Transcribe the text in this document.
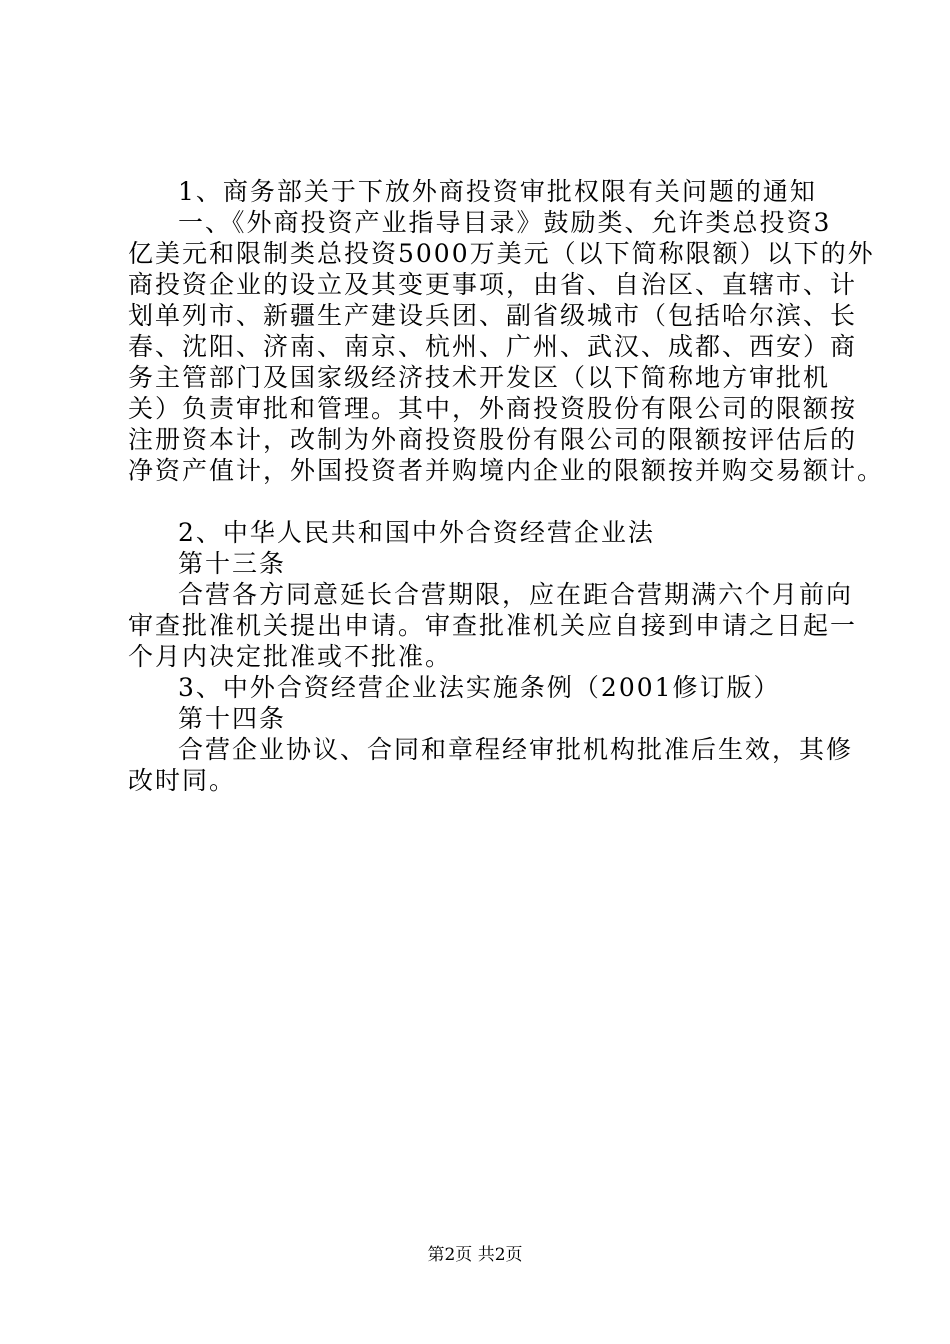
1、商务部关于下放外商投资审批权限有关问题的通知
一、《外商投资产业指导目录》鼓励类、允许类总投资3
亿美元和限制类总投资5000万美元（以下简称限额）以下的外
商投资企业的设立及其变更事项，由省、自治区、直辖市、计
划单列市、新疆生产建设兵团、副省级城市（包括哈尔滨、长
春、沈阳、济南、南京、杭州、广州、武汉、成都、西安）商
务主管部门及国家级经济技术开发区（以下简称地方审批机
关）负责审批和管理。其中，外商投资股份有限公司的限额按
注册资本计，改制为外商投资股份有限公司的限额按评估后的
净资产值计，外国投资者并购境内企业的限额按并购交易额计。
2、中华人民共和国中外合资经营企业法
第十三条
合营各方同意延长合营期限，应在距合营期满六个月前向
审查批准机关提出申请。审查批准机关应自接到申请之日起一
个月内决定批准或不批准。
3、中外合资经营企业法实施条例（2001修订版）
第十四条
合营企业协议、合同和章程经审批机构批准后生效，其修
改时同。
第2页 共2页
